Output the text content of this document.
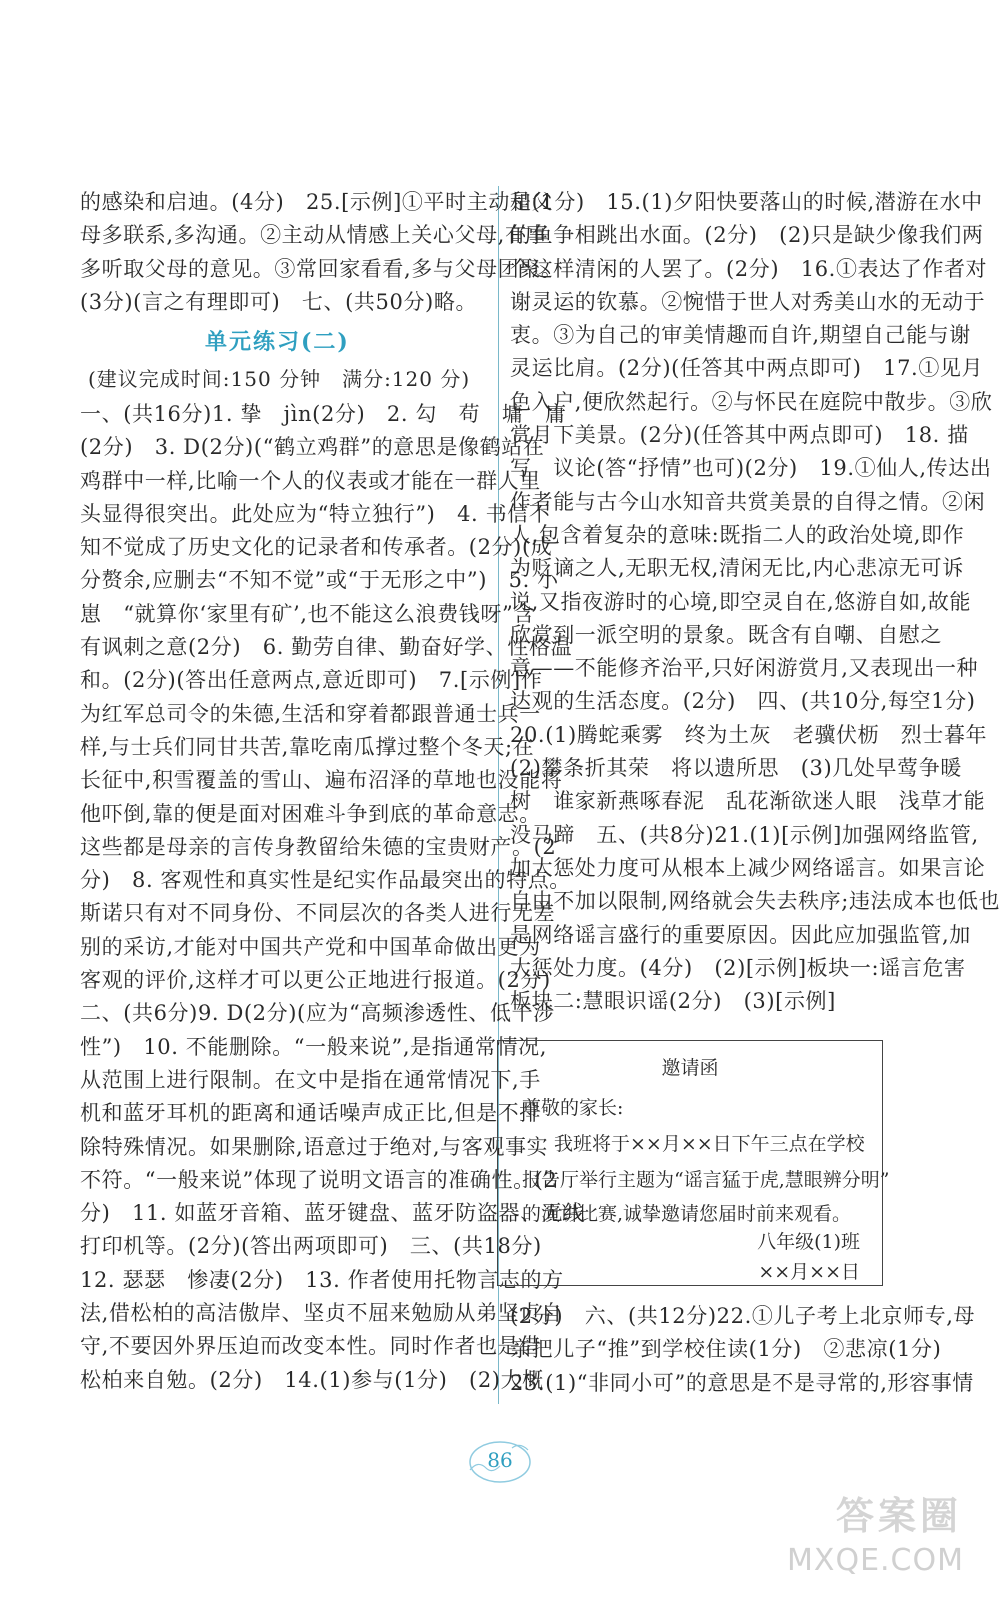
的感染和启迪。(4分)　25.[示例]①平时主动和父
母多联系,多沟通。②主动从情感上关心父母,有事
多听取父母的意见。③常回家看看,多与父母团聚。
(3分)(言之有理即可)　七、(共50分)略。
单元练习(二)
(建议完成时间:150 分钟　满分:120 分)
一、(共16分)1. 挚　jìn(2分)　2. 勾　苟　墉　庸
(2分)　3. D(2分)(“鹤立鸡群”的意思是像鹤站在
鸡群中一样,比喻一个人的仪表或才能在一群人里
头显得很突出。此处应为“特立独行”)　4. 书信不
知不觉成了历史文化的记录者和传承者。(2分)(成
分赘余,应删去“不知不觉”或“于无形之中”)　5. 小
崽　“就算你‘家里有矿’,也不能这么浪费钱呀”含
有讽刺之意(2分)　6. 勤劳自律、勤奋好学、性格温
和。(2分)(答出任意两点,意近即可)　7.[示例]作
为红军总司令的朱德,生活和穿着都跟普通士兵一
样,与士兵们同甘共苦,靠吃南瓜撑过整个冬天;在
长征中,积雪覆盖的雪山、遍布沼泽的草地也没能将
他吓倒,靠的便是面对困难斗争到底的革命意志。
这些都是母亲的言传身教留给朱德的宝贵财产。(2
分)　8. 客观性和真实性是纪实作品最突出的特点。
斯诺只有对不同身份、不同层次的各类人进行无差
别的采访,才能对中国共产党和中国革命做出更为
客观的评价,这样才可以更公正地进行报道。(2分)
二、(共6分)9. D(2分)(应为“高频渗透性、低干涉
性”)　10. 不能删除。“一般来说”,是指通常情况,
从范围上进行限制。在文中是指在通常情况下,手
机和蓝牙耳机的距离和通话噪声成正比,但是不排
除特殊情况。如果删除,语意过于绝对,与客观事实
不符。“一般来说”体现了说明文语言的准确性。(2
分)　11. 如蓝牙音箱、蓝牙键盘、蓝牙防盗器、无线
打印机等。(2分)(答出两项即可)　三、(共18分)
12. 瑟瑟　惨凄(2分)　13. 作者使用托物言志的方
法,借松柏的高洁傲岸、坚贞不屈来勉励从弟坚贞自
守,不要因外界压迫而改变本性。同时作者也是借
松柏来自勉。(2分)　14.(1)参与(1分)　(2)大概
是(1分)　15.(1)夕阳快要落山的时候,潜游在水中
的鱼争相跳出水面。(2分)　(2)只是缺少像我们两
个这样清闲的人罢了。(2分)　16.①表达了作者对
谢灵运的钦慕。②惋惜于世人对秀美山水的无动于
衷。③为自己的审美情趣而自许,期望自己能与谢
灵运比肩。(2分)(任答其中两点即可)　17.①见月
色入户,便欣然起行。②与怀民在庭院中散步。③欣
赏月下美景。(2分)(任答其中两点即可)　18. 描
写　议论(答“抒情”也可)(2分)　19.①仙人,传达出
作者能与古今山水知音共赏美景的自得之情。②闲
人,包含着复杂的意味:既指二人的政治处境,即作
为贬谪之人,无职无权,清闲无比,内心悲凉无可诉
说,又指夜游时的心境,即空灵自在,悠游自如,故能
欣赏到一派空明的景象。既含有自嘲、自慰之
意——不能修齐治平,只好闲游赏月,又表现出一种
达观的生活态度。(2分)　四、(共10分,每空1分)
20.(1)腾蛇乘雾　终为土灰　老骥伏枥　烈士暮年
(2)攀条折其荣　将以遗所思　(3)几处早莺争暖
树　谁家新燕啄春泥　乱花渐欲迷人眼　浅草才能
没马蹄　五、(共8分)21.(1)[示例]加强网络监管,
加大惩处力度可从根本上减少网络谣言。如果言论
自由不加以限制,网络就会失去秩序;违法成本也低也
是网络谣言盛行的重要原因。因此应加强监管,加
大惩处力度。(4分)　(2)[示例]板块一:谣言危害
板块二:慧眼识谣(2分)　(3)[示例]
邀请函
尊敬的家长:
我班将于××月××日下午三点在学校
报告厅举行主题为“谣言猛于虎,慧眼辨分明”
的演讲比赛,诚挚邀请您届时前来观看。
八年级(1)班
××月××日
(2分)　六、(共12分)22.①儿子考上北京师专,母
亲把儿子“推”到学校住读(1分)　②悲凉(1分)
23.(1)“非同小可”的意思是不是寻常的,形容事情
86
答案圈
MXQE.COM
